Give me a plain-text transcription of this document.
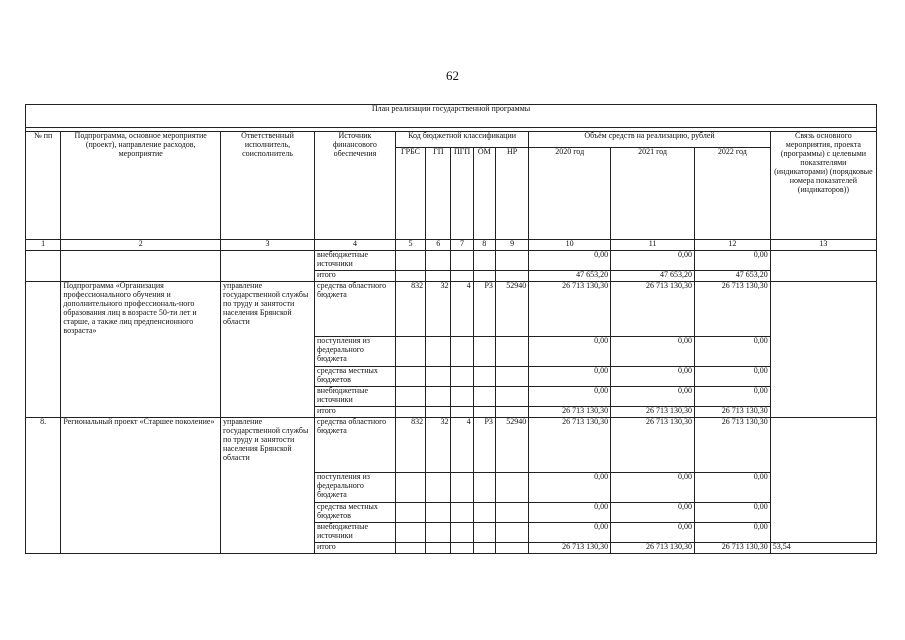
62
План реализации государственной программы												

№ пп	Подпрограмма, основное мероприятие (проект), направление расходов, мероприятие	Ответственный исполнитель, соисполнитель	Источник финансового обеспечения	Код бюджетной классификации					Объём средств на реализацию, рублей			Связь основного мероприятия, проекта (программы) с целевыми показателями (индикаторами) (порядковые номера показателей (индикаторов))
				ГРБС	ГП	ПГП	ОМ	НР	2020 год	2021 год	2022 год	
1	2	3	4	5	6	7	8	9	10	11	12	13
			внебюджетные источники						0,00	0,00	0,00	
			итого						47 653,20	47 653,20	47 653,20	
	Подпрограмма «Организация профессионального обучения и дополнительного профессиональ-ного образования лиц в возрасте 50-ти лет и старше, а также лиц предпенсионного возраста»	управление государственной службы по труду и занятости населения Брянской области	средства областного бюджета	832	32	4	Р3	52940	26 713 130,30	26 713 130,30	26 713 130,30	
			поступления из федерального бюджета						0,00	0,00	0,00	
			средства местных бюджетов						0,00	0,00	0,00	
			внебюджетные источники						0,00	0,00	0,00	
			итого						26 713 130,30	26 713 130,30	26 713 130,30	
8.	Региональный проект «Старшее поколение»	управление государственной службы по труду и занятости населения Брянской области	средства областного бюджета	832	32	4	Р3	52940	26 713 130,30	26 713 130,30	26 713 130,30	
			поступления из федерального бюджета						0,00	0,00	0,00	
			средства местных бюджетов						0,00	0,00	0,00	
			внебюджетные источники						0,00	0,00	0,00	
			итого						26 713 130,30	26 713 130,30	26 713 130,30	53,54
